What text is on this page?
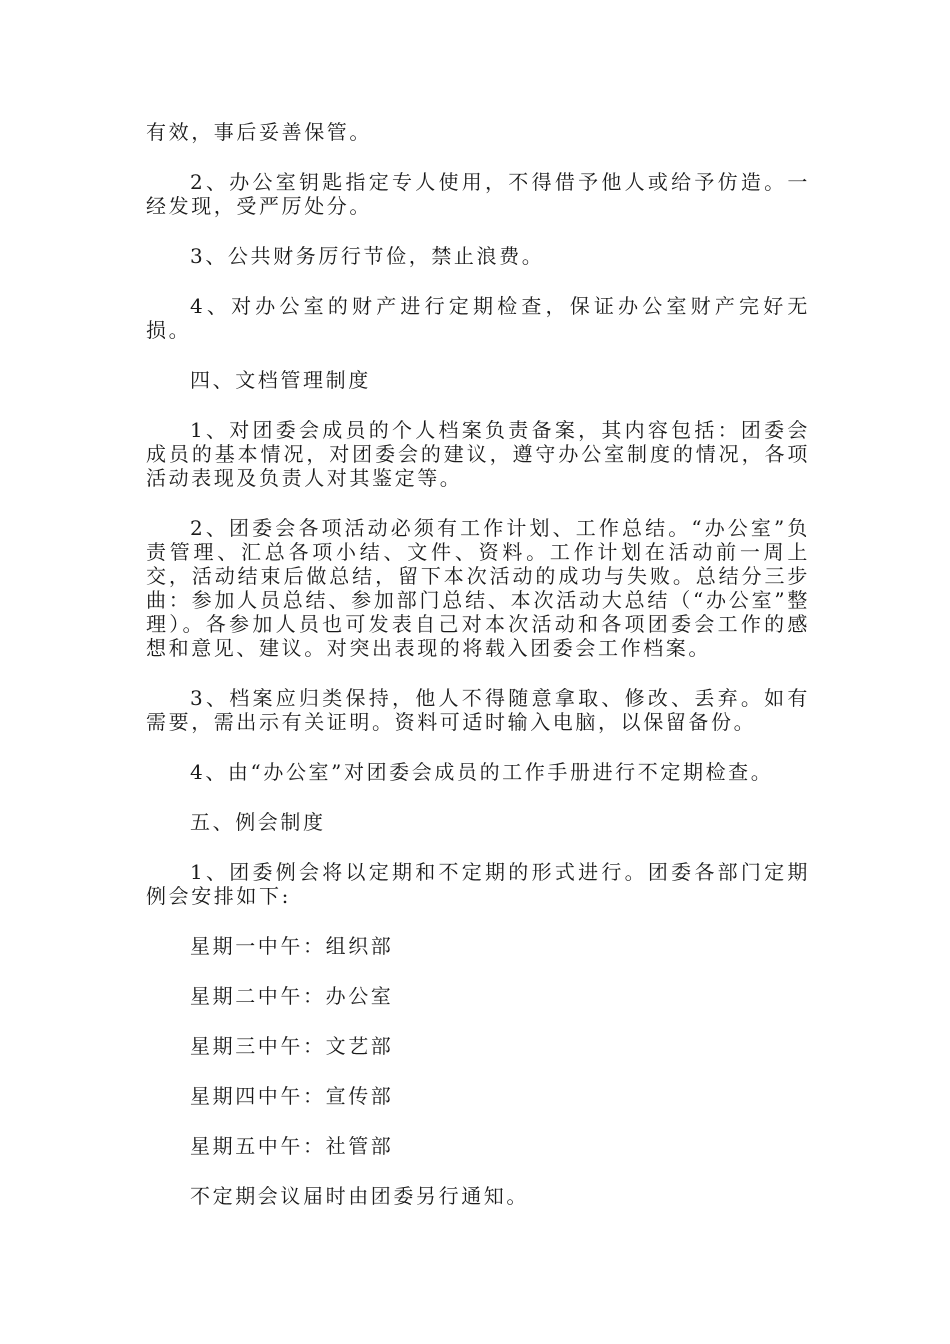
有效，事后妥善保管。

2、办公室钥匙指定专人使用，不得借予他人或给予仿造。一经发现，受严厉处分。

3、公共财务厉行节俭，禁止浪费。

4、对办公室的财产进行定期检查，保证办公室财产完好无损。

四、文档管理制度

1、对团委会成员的个人档案负责备案，其内容包括：团委会成员的基本情况，对团委会的建议，遵守办公室制度的情况，各项活动表现及负责人对其鉴定等。

2、团委会各项活动必须有工作计划、工作总结。“办公室”负责管理、汇总各项小结、文件、资料。工作计划在活动前一周上交，活动结束后做总结，留下本次活动的成功与失败。总结分三步曲：参加人员总结、参加部门总结、本次活动大总结（“办公室”整理）。各参加人员也可发表自己对本次活动和各项团委会工作的感想和意见、建议。对突出表现的将载入团委会工作档案。

3、档案应归类保持，他人不得随意拿取、修改、丢弃。如有需要，需出示有关证明。资料可适时输入电脑，以保留备份。

4、由“办公室”对团委会成员的工作手册进行不定期检查。

五、例会制度

1、团委例会将以定期和不定期的形式进行。团委各部门定期例会安排如下:

星期一中午：组织部

星期二中午：办公室

星期三中午：文艺部

星期四中午：宣传部

星期五中午：社管部

不定期会议届时由团委另行通知。
